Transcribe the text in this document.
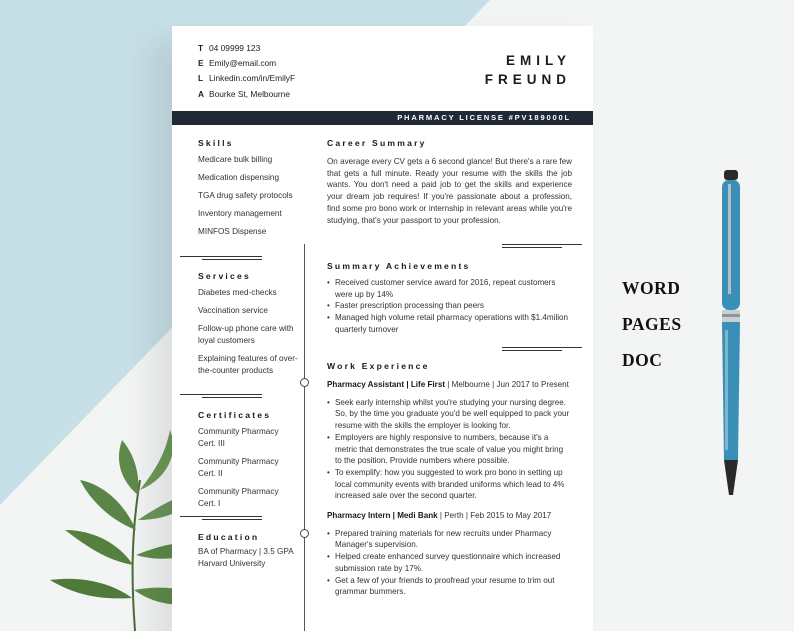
T 04 09999 123
E Emily@email.com
L Linkedin.com/in/EmilyF
A Bourke St, Melbourne
EMILY
FREUND
PHARMACY LICENSE #PV189000L
Skills
Medicare bulk billing
Medication dispensing
TGA drug safety protocols
Inventory management
MINFOS Dispense
Services
Diabetes med-checks
Vaccination service
Follow-up phone care with loyal customers
Explaining features of over-the-counter products
Certificates
Community Pharmacy Cert. III
Community Pharmacy Cert. II
Community Pharmacy Cert. I
Education
BA of Pharmacy | 3.5 GPA
Harvard University
Career Summary
On average every CV gets a 6 second glance! But there's a rare few that gets a full minute. Ready your resume with the skills the job wants. You don't need a paid job to get the skills and experience your dream job requires! If you're passionate about a profession, find some pro bono work or internship in relevant areas while you're studying, that's your passport to your profession.
Summary Achievements
• Received customer service award for 2016, repeat customers were up by 14%
• Faster prescription processing than peers
• Managed high volume retail pharmacy operations with $1.4milion quarterly turnover
Work Experience
Pharmacy Assistant | Life First | Melbourne | Jun 2017 to Present
• Seek early internship whilst you're studying your nursing degree. So, by the time you graduate you'd be well equipped to pack your resume with the skills the employer is looking for.
• Employers are highly responsive to numbers, because it's a metric that demonstrates the true scale of value you might bring to the position. Provide numbers where possible.
• To exemplify: how you suggested to work pro bono in setting up local community events with branded uniforms which lead to 4% increased sale over the second quarter.
Pharmacy Intern | Medi Bank | Perth | Feb 2015 to May 2017
• Prepared training materials for new recruits under Pharmacy Manager's supervision.
• Helped create enhanced survey questionnaire which increased submission rate by 17%.
• Get a few of your friends to proofread your resume to trim out grammar bummers.
WORD
PAGES
DOC
